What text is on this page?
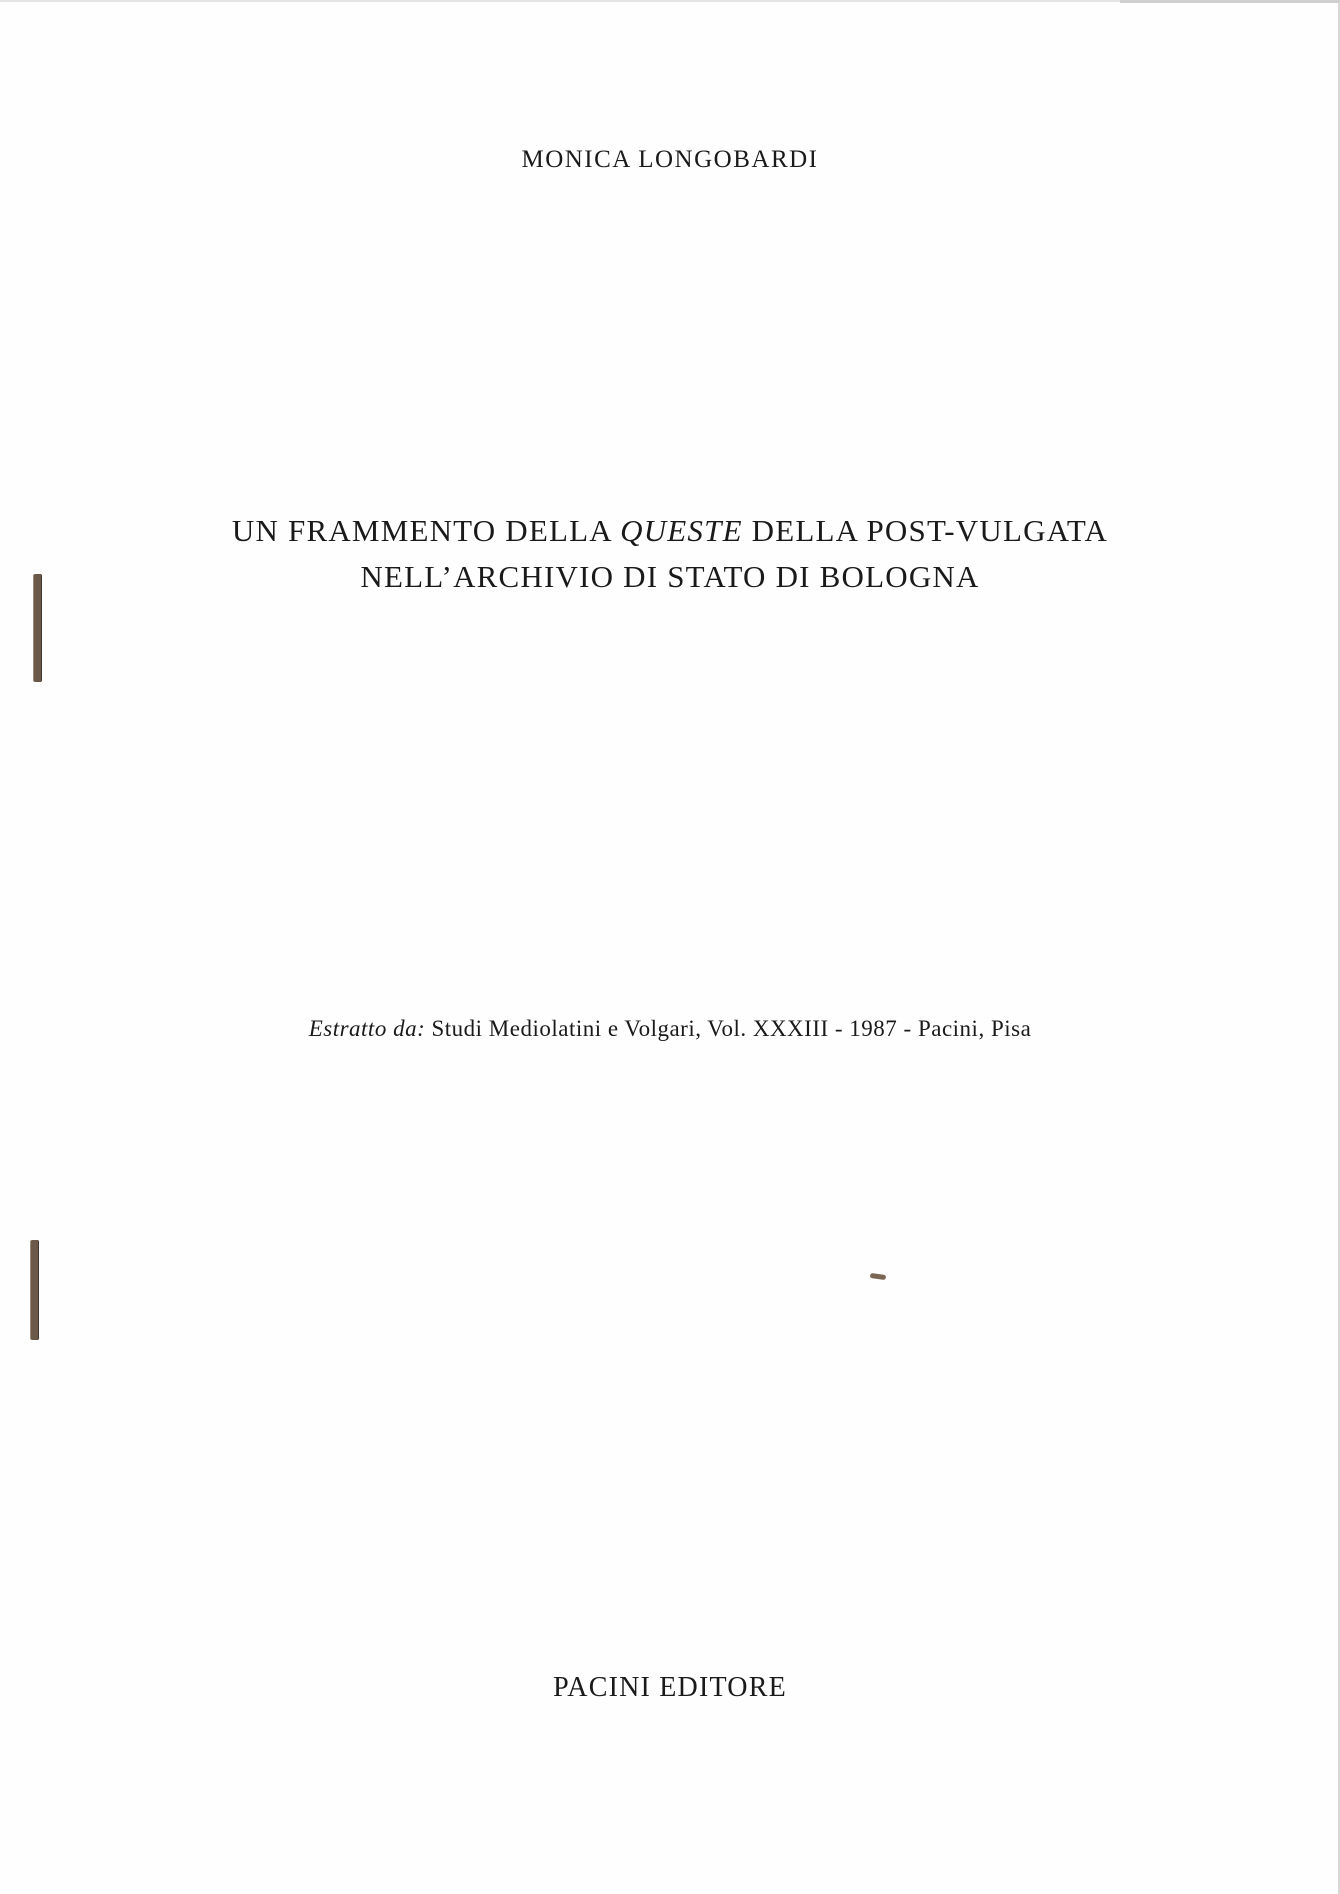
MONICA LONGOBARDI
UN FRAMMENTO DELLA QUESTE DELLA POST-VULGATA
NELL’ARCHIVIO DI STATO DI BOLOGNA
Estratto da: Studi Mediolatini e Volgari, Vol. XXXIII - 1987 - Pacini, Pisa
PACINI EDITORE
